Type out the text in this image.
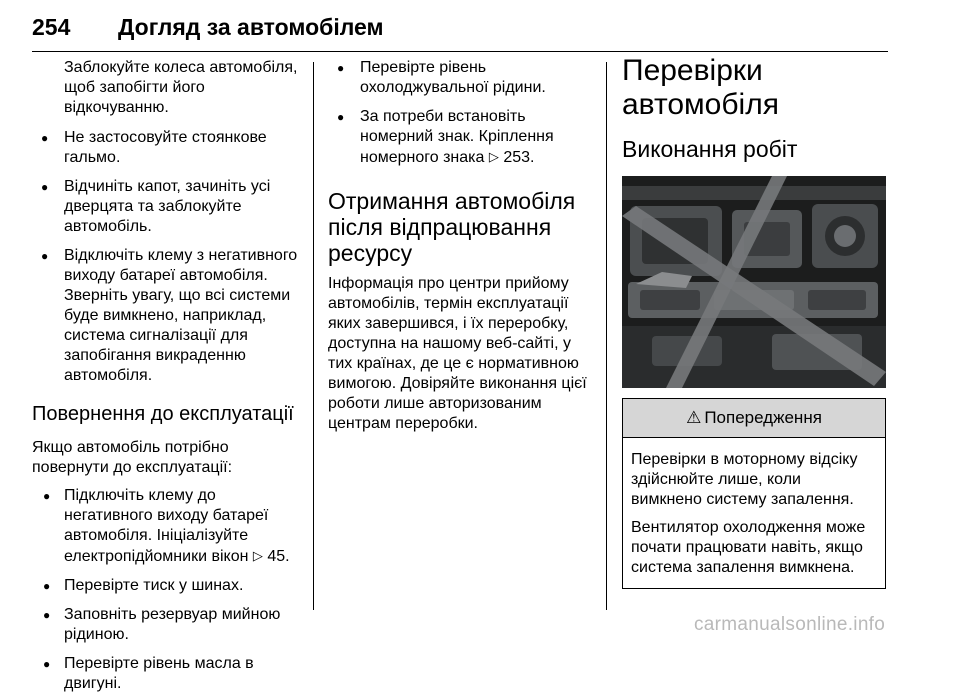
254 Догляд за автомобілем

Заблокуйте колеса автомобіля, щоб запобігти його відкочуванню.

● Не застосовуйте стоянкове гальмо.
● Відчиніть капот, зачиніть усі дверцята та заблокуйте автомобіль.
● Відключіть клему з негативного виходу батареї автомобіля. Зверніть увагу, що всі системи буде вимкнено, наприклад, система сигналізації для запобігання викраденню автомобіля.
Повернення до експлуатації

Якщо автомобіль потрібно повернути до експлуатації:

● Підключіть клему до негативного виходу батареї автомобіля. Ініціалізуйте електропідйомники вікон ▷ 45.
● Перевірте тиск у шинах.
● Заповніть резервуар мийною рідиною.
● Перевірте рівень масла в двигуні.
● Перевірте рівень охолоджувальної рідини.
● За потреби встановіть номерний знак. Кріплення номерного знака ▷ 253.
Отримання автомобіля після відпрацювання ресурсу

Інформація про центри прийому автомобілів, термін експлуатації яких завершився, і їх переробку, доступна на нашому веб-сайті, у тих країнах, де це є нормативною вимогою. Довіряйте виконання цієї роботи лише авторизованим центрам переробки.

Перевірки автомобіля
Виконання робіт
⚠ Попередження

Перевірки в моторному відсіку здійснюйте лише, коли вимкнено систему запалення.

Вентилятор охолодження може почати працювати навіть, якщо система запалення вимкнена.

carmanualsonline.info
